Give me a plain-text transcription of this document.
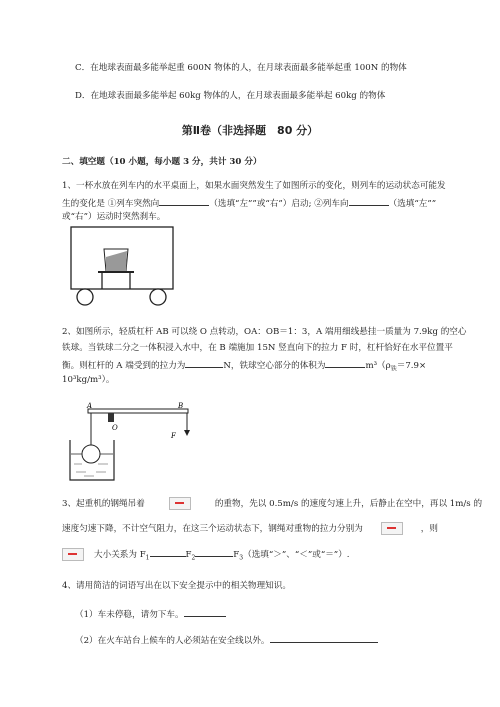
C．在地球表面最多能举起重 600N 物体的人，在月球表面最多能举起重 100N 的物体
D．在地球表面最多能举起 60kg 物体的人，在月球表面最多能举起 60kg 的物体
第Ⅱ卷（非选择题　80 分）
二、填空题（10 小题，每小题 3 分，共计 30 分）
1、一杯水放在列车内的水平桌面上，如果水面突然发生了如图所示的变化，则列车的运动状态可能发
生的变化是 ①列车突然向	（选填“左””或“右”）启动; ②列车向	（选填“左””
或“右”）运动时突然刹车。
2、如图所示，轻质杠杆 AB 可以绕 O 点转动，OA：OB＝1：3，A 端用细线悬挂一质量为 7.9kg 的空心
铁球。当铁球二分之一体积浸入水中，在 B 端施加 15N 竖直向下的拉力 F 时，杠杆恰好在水平位置平
衡。则杠杆的 A 端受到的拉力为	N，铁球空心部分的体积为	$m^3(\rho_铁=7.9\times$
10³kg/m³）。
A
O
B
F
3、起重机的钢绳吊着	的重物，先以 0.5m/s 的速度匀速上升，后静止在空中，再以 1m/s 的
速度匀速下降，不计空气阻力，在这三个运动状态下，钢绳对重物的拉力分别为	，则
大小关系为 $F_1$	$F_2$	$F_3$（选填“＞”、“＜”或“＝”）.
4、请用简洁的词语写出在以下安全提示中的相关物理知识。
（1）车未停稳，请勿下车。
（2）在火车站台上候车的人必须站在安全线以外。
